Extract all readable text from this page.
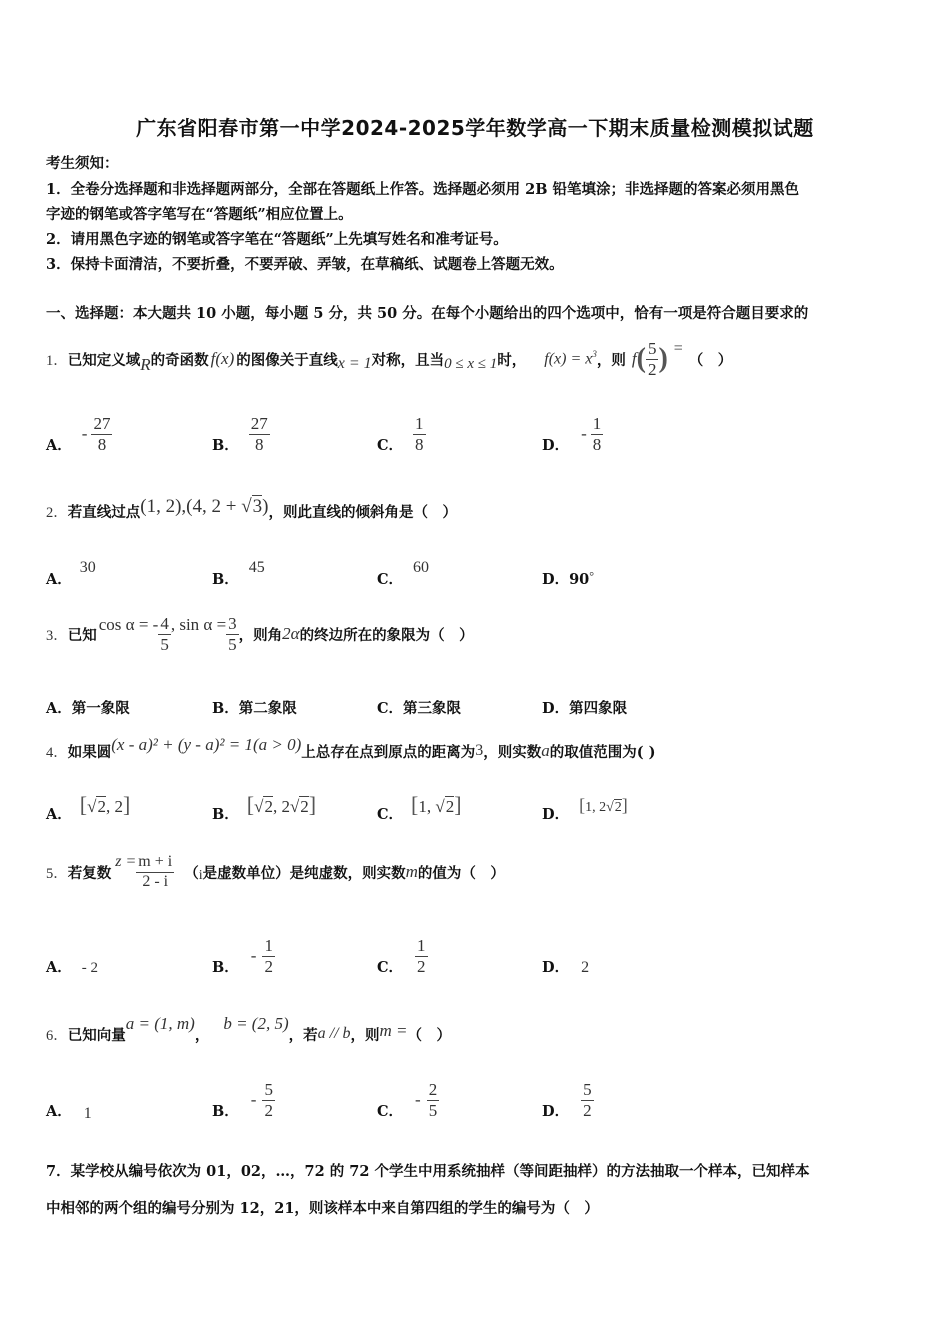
广东省阳春市第一中学2024-2025学年数学高一下期末质量检测模拟试题
考生须知：
1．全卷分选择题和非选择题两部分，全部在答题纸上作答。选择题必须用 2B 铅笔填涂；非选择题的答案必须用黑色
字迹的钢笔或答字笔写在“答题纸”相应位置上。
2．请用黑色字迹的钢笔或答字笔在“答题纸”上先填写姓名和准考证号。
3．保持卡面清洁，不要折叠，不要弄破、弄皱，在草稿纸、试题卷上答题无效。
一、选择题：本大题共 10 小题，每小题 5 分，共 50 分。在每个小题给出的四个选项中，恰有一项是符合题目要求的
1． 已知定义域 R 的奇函数 f(x) 的图像关于直线 x = 1 对称，且当 0 ≤ x ≤ 1 时， $f(x) = x^3$ ，则 f ( $\frac{5}{2}$ ) =
（　）
A．
- $\frac{27}{8}$	B． $\frac{27}{8}$	C． $\frac{1}{8}$	D．
- $\frac{1}{8}$
2． 若直线过点 (1, 2), (4, 2 + √3) ，则此直线的倾斜角是（　）
A．30
B．45
C．60
D．90°
3． 已知
cos α = - $\frac{4}{5}$ , $\sin \alpha = \frac{3}{5}$ ，则角 2α 的终边所在的象限为（　）
A．第一象限	B．第二象限	C．第三象限	D．第四象限
4． 如果圆 (x - a)² + (y - a)² = 1(a > 0) 上总存在点到原点的距离为 3 ，则实数 a 的取值范围为( )
A． [√2, 2]	B． [√2, 2√2]	C． [1, √2]	D． [1, 2√2]
5． 若复数
$z = \frac{m + i}{2 - i}$ （ i 是虚数单位）是纯虚数，则实数 m 的值为（　）
A． - 2	B．
- $\frac{1}{2}$	C． $\frac{1}{2}$	D． 2
6． 已知向量
a = (1, m)
，
b = (2, 5)
，若 a // b ，则 m = （　）
A． 1	B．
- $\frac{5}{2}$	C．
- $\frac{2}{5}$	D． $\frac{5}{2}$
7．某学校从编号依次为 01，02，…，72 的 72 个学生中用系统抽样（等间距抽样）的方法抽取一个样本，已知样本
中相邻的两个组的编号分别为 12，21，则该样本中来自第四组的学生的编号为（　）
